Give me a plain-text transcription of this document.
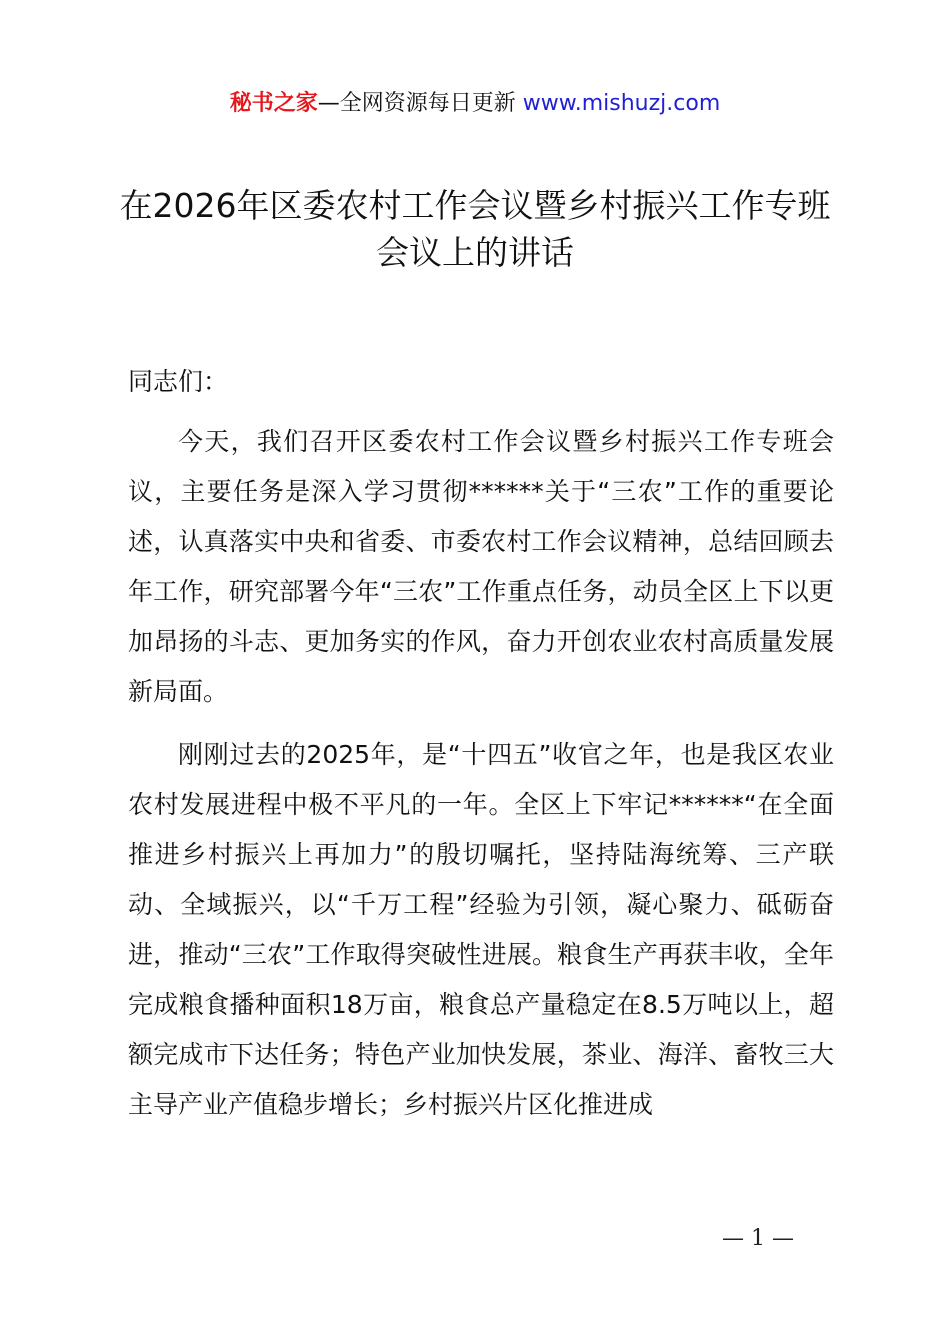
秘书之家—全网资源每日更新 www.mishuzj.com
在2026年区委农村工作会议暨乡村振兴工作专班会议上的讲话

同志们：

今天，我们召开区委农村工作会议暨乡村振兴工作专班会议，主要任务是深入学习贯彻******关于“三农”工作的重要论述，认真落实中央和省委、市委农村工作会议精神，总结回顾去年工作，研究部署今年“三农”工作重点任务，动员全区上下以更加昂扬的斗志、更加务实的作风，奋力开创农业农村高质量发展新局面。

刚刚过去的2025年，是“十四五”收官之年，也是我区农业农村发展进程中极不平凡的一年。全区上下牢记******“在全面推进乡村振兴上再加力”的殷切嘱托，坚持陆海统筹、三产联动、全域振兴，以“千万工程”经验为引领，凝心聚力、砥砺奋进，推动“三农”工作取得突破性进展。粮食生产再获丰收，全年完成粮食播种面积18万亩，粮食总产量稳定在8.5万吨以上，超额完成市下达任务；特色产业加快发展，茶业、海洋、畜牧三大主导产业产值稳步增长；乡村振兴片区化推进成

— 1 —
